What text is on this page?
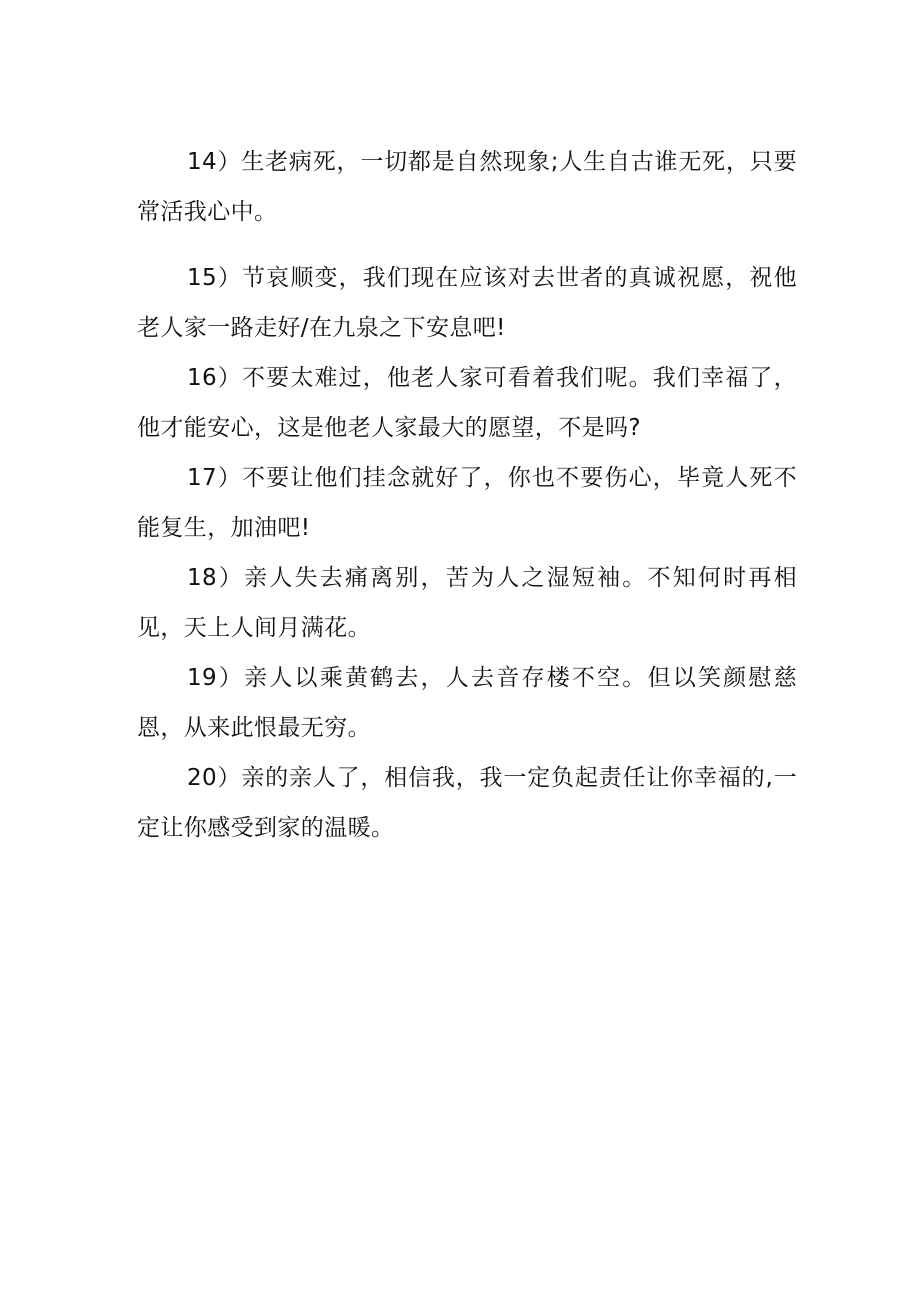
14）生老病死，一切都是自然现象;人生自古谁无死，只要常活我心中。

15）节哀顺变，我们现在应该对去世者的真诚祝愿，祝他老人家一路走好/在九泉之下安息吧!

16）不要太难过，他老人家可看着我们呢。我们幸福了，他才能安心，这是他老人家最大的愿望，不是吗?

17）不要让他们挂念就好了，你也不要伤心，毕竟人死不能复生，加油吧!

18）亲人失去痛离别，苦为人之湿短袖。不知何时再相见，天上人间月满花。

19）亲人以乘黄鹤去，人去音存楼不空。但以笑颜慰慈恩，从来此恨最无穷。

20）亲的亲人了，相信我，我一定负起责任让你幸福的,一定让你感受到家的温暖。
